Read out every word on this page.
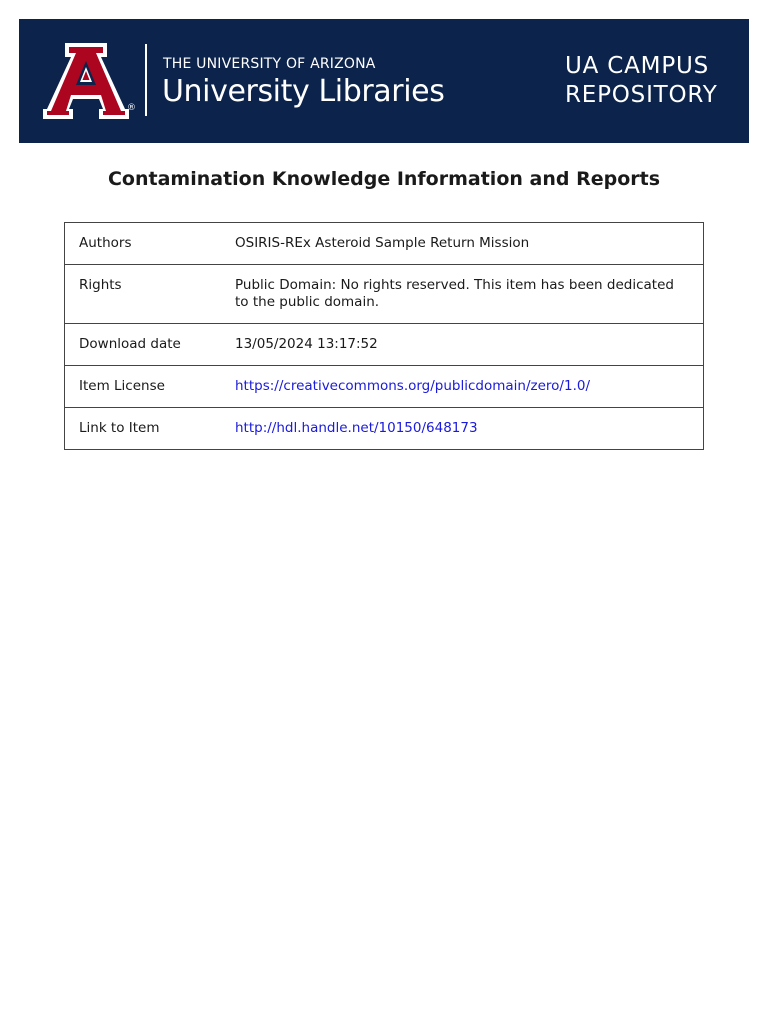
®
THE UNIVERSITY OF ARIZONA
University Libraries
UA CAMPUS
REPOSITORY
Contamination Knowledge Information and Reports
Authors	OSIRIS-REx Asteroid Sample Return Mission
Rights	Public Domain: No rights reserved. This item has been dedicated to the public domain.
Download date	13/05/2024 13:17:52
Item License	https://creativecommons.org/publicdomain/zero/1.0/
Link to Item	http://hdl.handle.net/10150/648173
